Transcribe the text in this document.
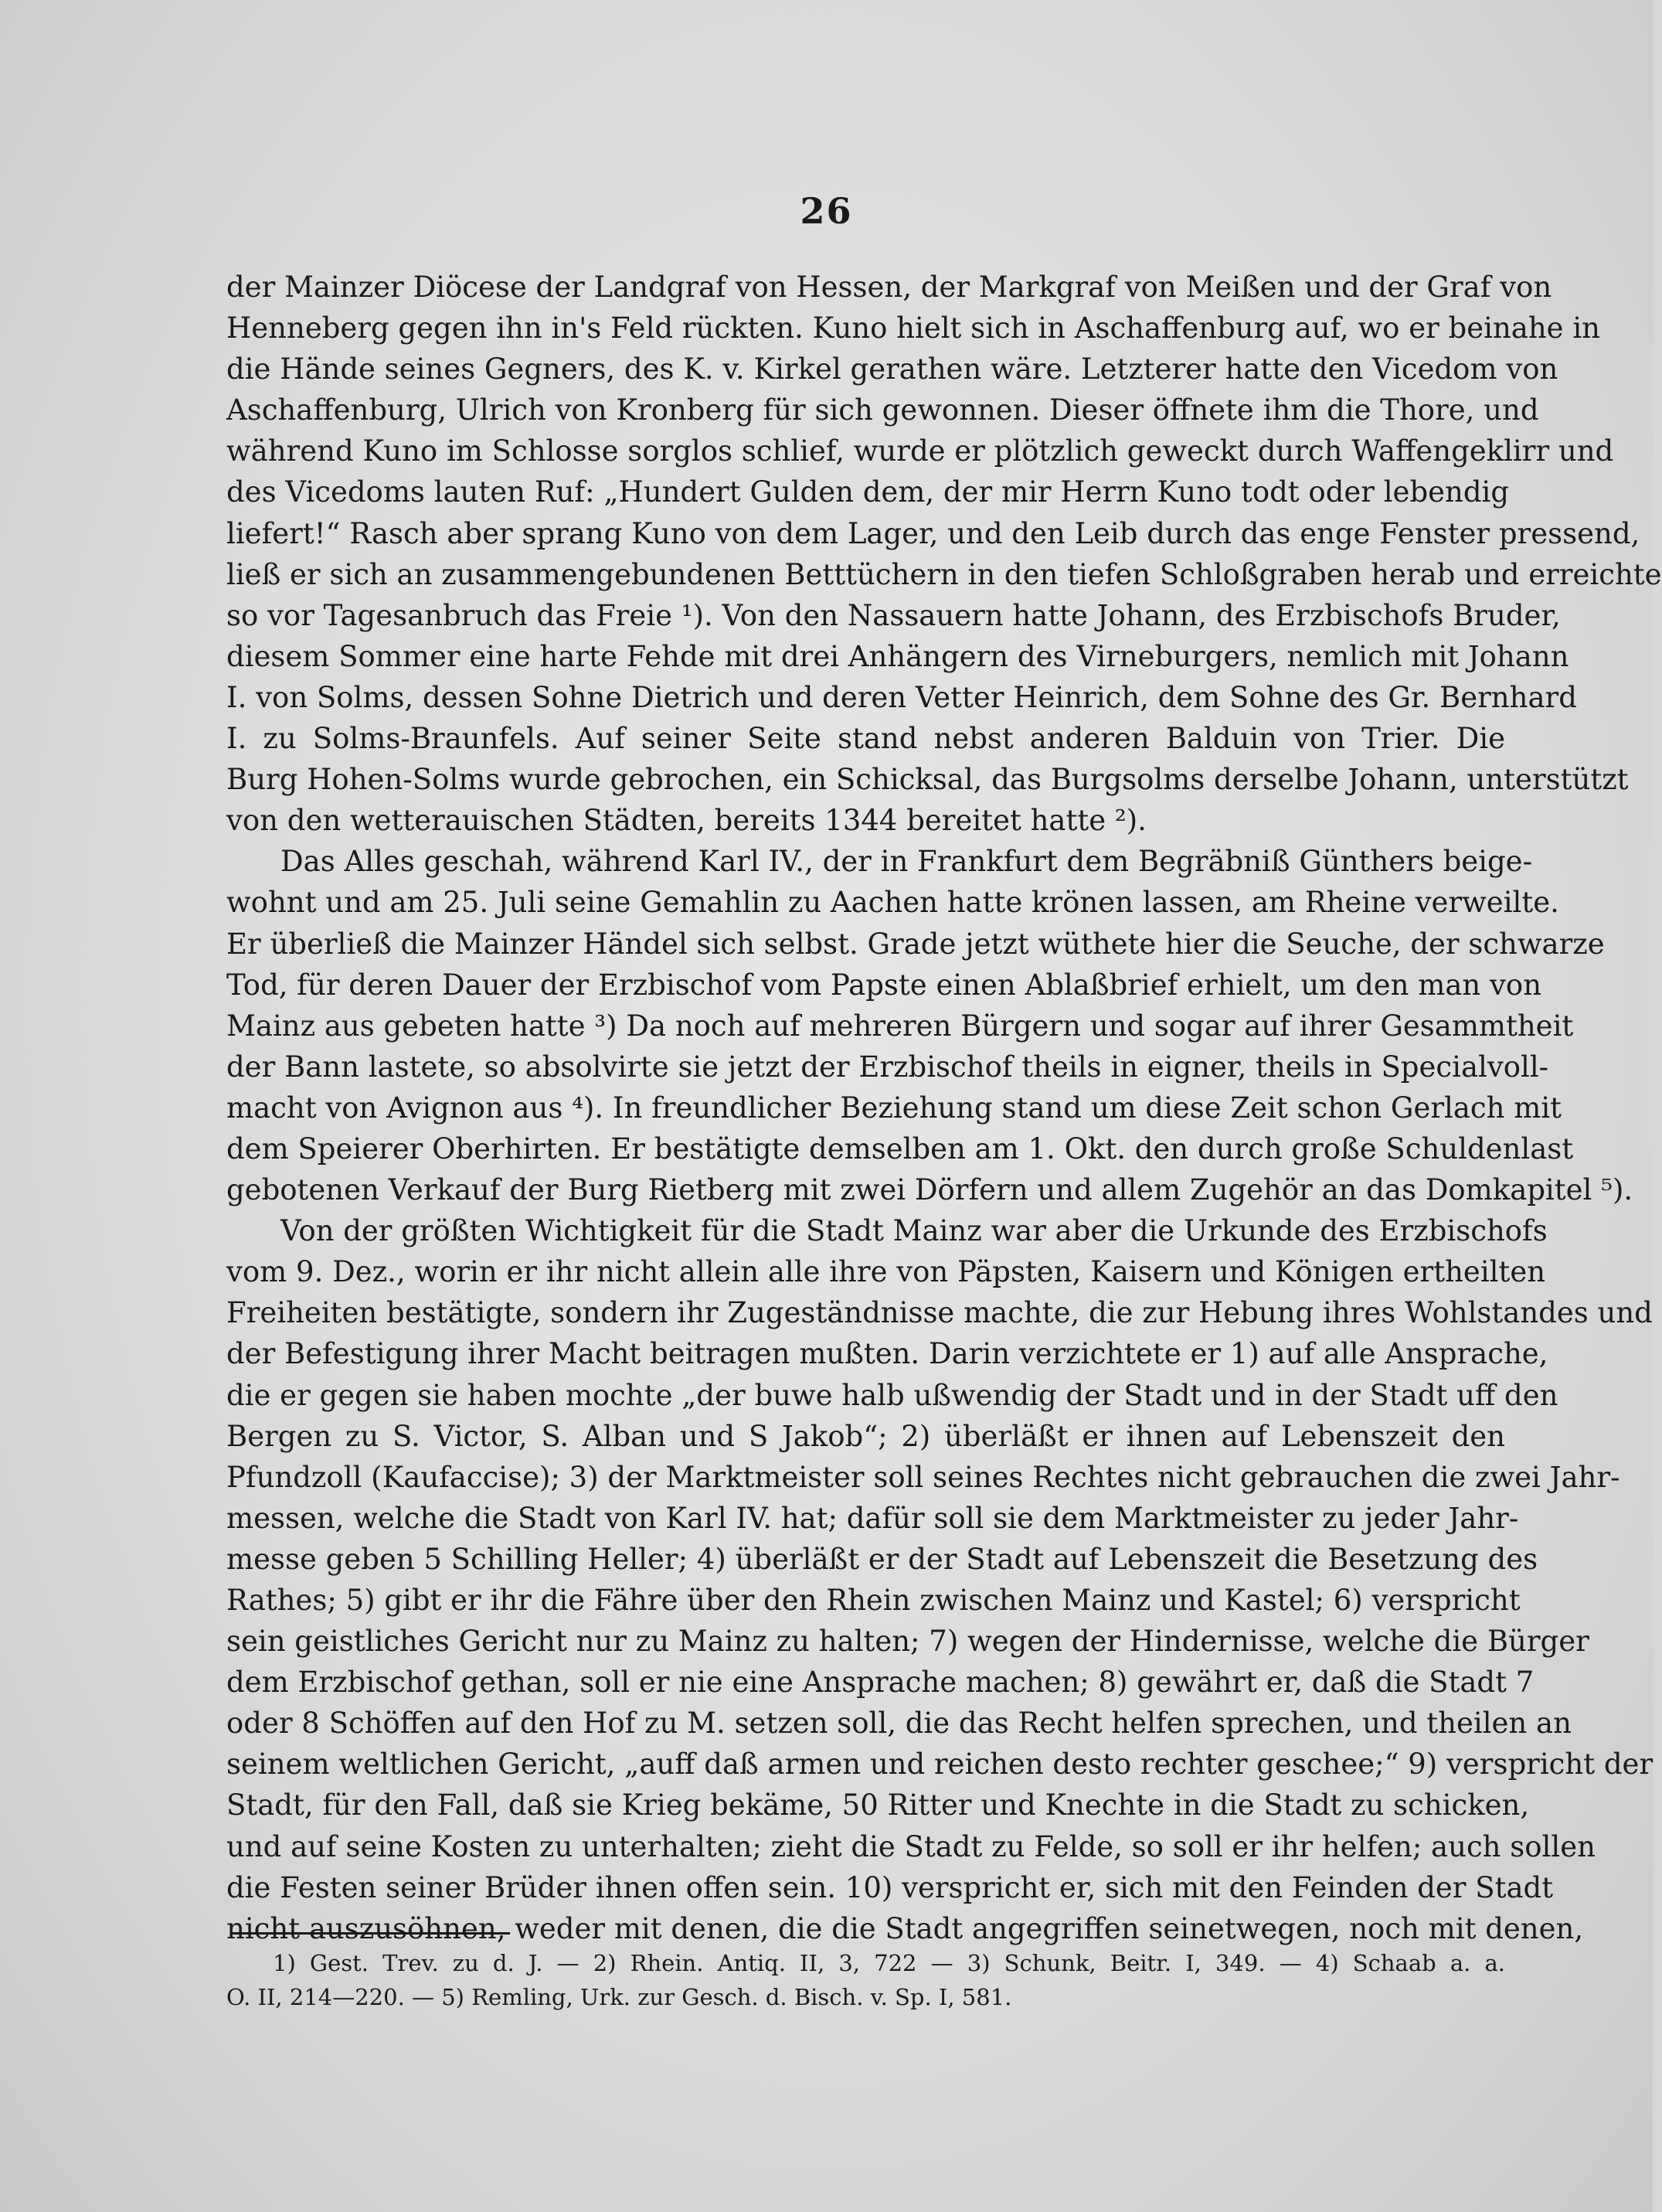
26
der Mainzer Diöcese der Landgraf von Hessen, der Markgraf von Meißen und der Graf von
Henneberg gegen ihn in's Feld rückten. Kuno hielt sich in Aschaffenburg auf, wo er beinahe in
die Hände seines Gegners, des K. v. Kirkel gerathen wäre. Letzterer hatte den Vicedom von
Aschaffenburg, Ulrich von Kronberg für sich gewonnen. Dieser öffnete ihm die Thore, und
während Kuno im Schlosse sorglos schlief, wurde er plötzlich geweckt durch Waffengeklirr und
des Vicedoms lauten Ruf: „Hundert Gulden dem, der mir Herrn Kuno todt oder lebendig
liefert!“ Rasch aber sprang Kuno von dem Lager, und den Leib durch das enge Fenster pressend,
ließ er sich an zusammengebundenen Betttüchern in den tiefen Schloßgraben herab und erreichte
so vor Tagesanbruch das Freie ¹). Von den Nassauern hatte Johann, des Erzbischofs Bruder,
diesem Sommer eine harte Fehde mit drei Anhängern des Virneburgers, nemlich mit Johann
I. von Solms, dessen Sohne Dietrich und deren Vetter Heinrich, dem Sohne des Gr. Bernhard
I. zu Solms-Braunfels. Auf seiner Seite stand nebst anderen Balduin von Trier. Die
Burg Hohen-Solms wurde gebrochen, ein Schicksal, das Burgsolms derselbe Johann, unterstützt
von den wetterauischen Städten, bereits 1344 bereitet hatte ²).
Das Alles geschah, während Karl IV., der in Frankfurt dem Begräbniß Günthers beige-
wohnt und am 25. Juli seine Gemahlin zu Aachen hatte krönen lassen, am Rheine verweilte.
Er überließ die Mainzer Händel sich selbst. Grade jetzt wüthete hier die Seuche, der schwarze
Tod, für deren Dauer der Erzbischof vom Papste einen Ablaßbrief erhielt, um den man von
Mainz aus gebeten hatte ³) Da noch auf mehreren Bürgern und sogar auf ihrer Gesammtheit
der Bann lastete, so absolvirte sie jetzt der Erzbischof theils in eigner, theils in Specialvoll-
macht von Avignon aus ⁴). In freundlicher Beziehung stand um diese Zeit schon Gerlach mit
dem Speierer Oberhirten. Er bestätigte demselben am 1. Okt. den durch große Schuldenlast
gebotenen Verkauf der Burg Rietberg mit zwei Dörfern und allem Zugehör an das Domkapitel ⁵).
Von der größten Wichtigkeit für die Stadt Mainz war aber die Urkunde des Erzbischofs
vom 9. Dez., worin er ihr nicht allein alle ihre von Päpsten, Kaisern und Königen ertheilten
Freiheiten bestätigte, sondern ihr Zugeständnisse machte, die zur Hebung ihres Wohlstandes und
der Befestigung ihrer Macht beitragen mußten. Darin verzichtete er 1) auf alle Ansprache,
die er gegen sie haben mochte „der buwe halb ußwendig der Stadt und in der Stadt uff den
Bergen zu S. Victor, S. Alban und S Jakob“; 2) überläßt er ihnen auf Lebenszeit den
Pfundzoll (Kaufaccise); 3) der Marktmeister soll seines Rechtes nicht gebrauchen die zwei Jahr-
messen, welche die Stadt von Karl IV. hat; dafür soll sie dem Marktmeister zu jeder Jahr-
messe geben 5 Schilling Heller; 4) überläßt er der Stadt auf Lebenszeit die Besetzung des
Rathes; 5) gibt er ihr die Fähre über den Rhein zwischen Mainz und Kastel; 6) verspricht
sein geistliches Gericht nur zu Mainz zu halten; 7) wegen der Hindernisse, welche die Bürger
dem Erzbischof gethan, soll er nie eine Ansprache machen; 8) gewährt er, daß die Stadt 7
oder 8 Schöffen auf den Hof zu M. setzen soll, die das Recht helfen sprechen, und theilen an
seinem weltlichen Gericht, „auff daß armen und reichen desto rechter geschee;“ 9) verspricht der
Stadt, für den Fall, daß sie Krieg bekäme, 50 Ritter und Knechte in die Stadt zu schicken,
und auf seine Kosten zu unterhalten; zieht die Stadt zu Felde, so soll er ihr helfen; auch sollen
die Festen seiner Brüder ihnen offen sein. 10) verspricht er, sich mit den Feinden der Stadt
nicht auszusöhnen, weder mit denen, die die Stadt angegriffen seinetwegen, noch mit denen,
1) Gest. Trev. zu d. J. — 2) Rhein. Antiq. II, 3, 722 — 3) Schunk, Beitr. I, 349. — 4) Schaab a. a.
O. II, 214—220. — 5) Remling, Urk. zur Gesch. d. Bisch. v. Sp. I, 581.
